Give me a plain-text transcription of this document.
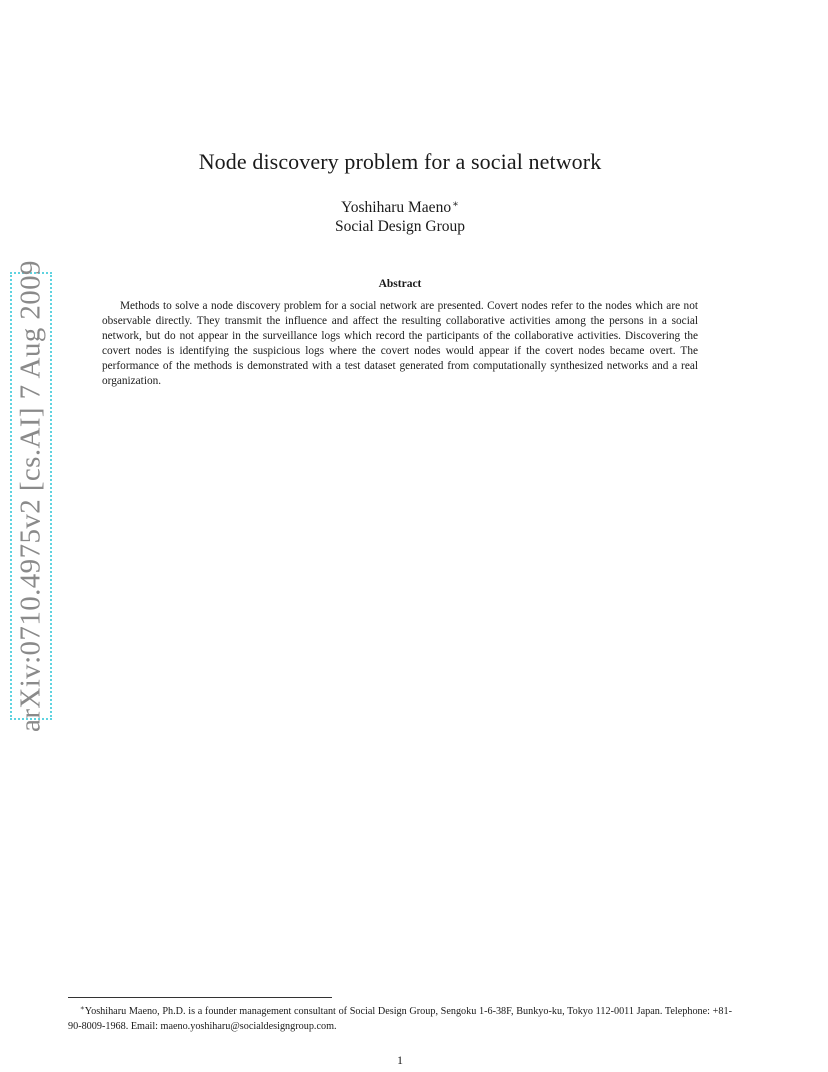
arXiv:0710.4975v2 [cs.AI] 7 Aug 2009
Node discovery problem for a social network
Yoshiharu Maeno∗
Social Design Group
Abstract

Methods to solve a node discovery problem for a social network are presented. Covert nodes refer to the nodes which are not observable directly. They transmit the influence and affect the resulting collaborative activities among the persons in a social network, but do not appear in the surveillance logs which record the participants of the collaborative activities. Discovering the covert nodes is identifying the suspicious logs where the covert nodes would appear if the covert nodes became overt. The performance of the methods is demonstrated with a test dataset generated from computationally synthesized networks and a real organization.

∗Yoshiharu Maeno, Ph.D. is a founder management consultant of Social Design Group, Sengoku 1-6-38F, Bunkyo-ku, Tokyo 112-0011 Japan. Telephone: +81-90-8009-1968. Email: maeno.yoshiharu@socialdesigngroup.com.

1
